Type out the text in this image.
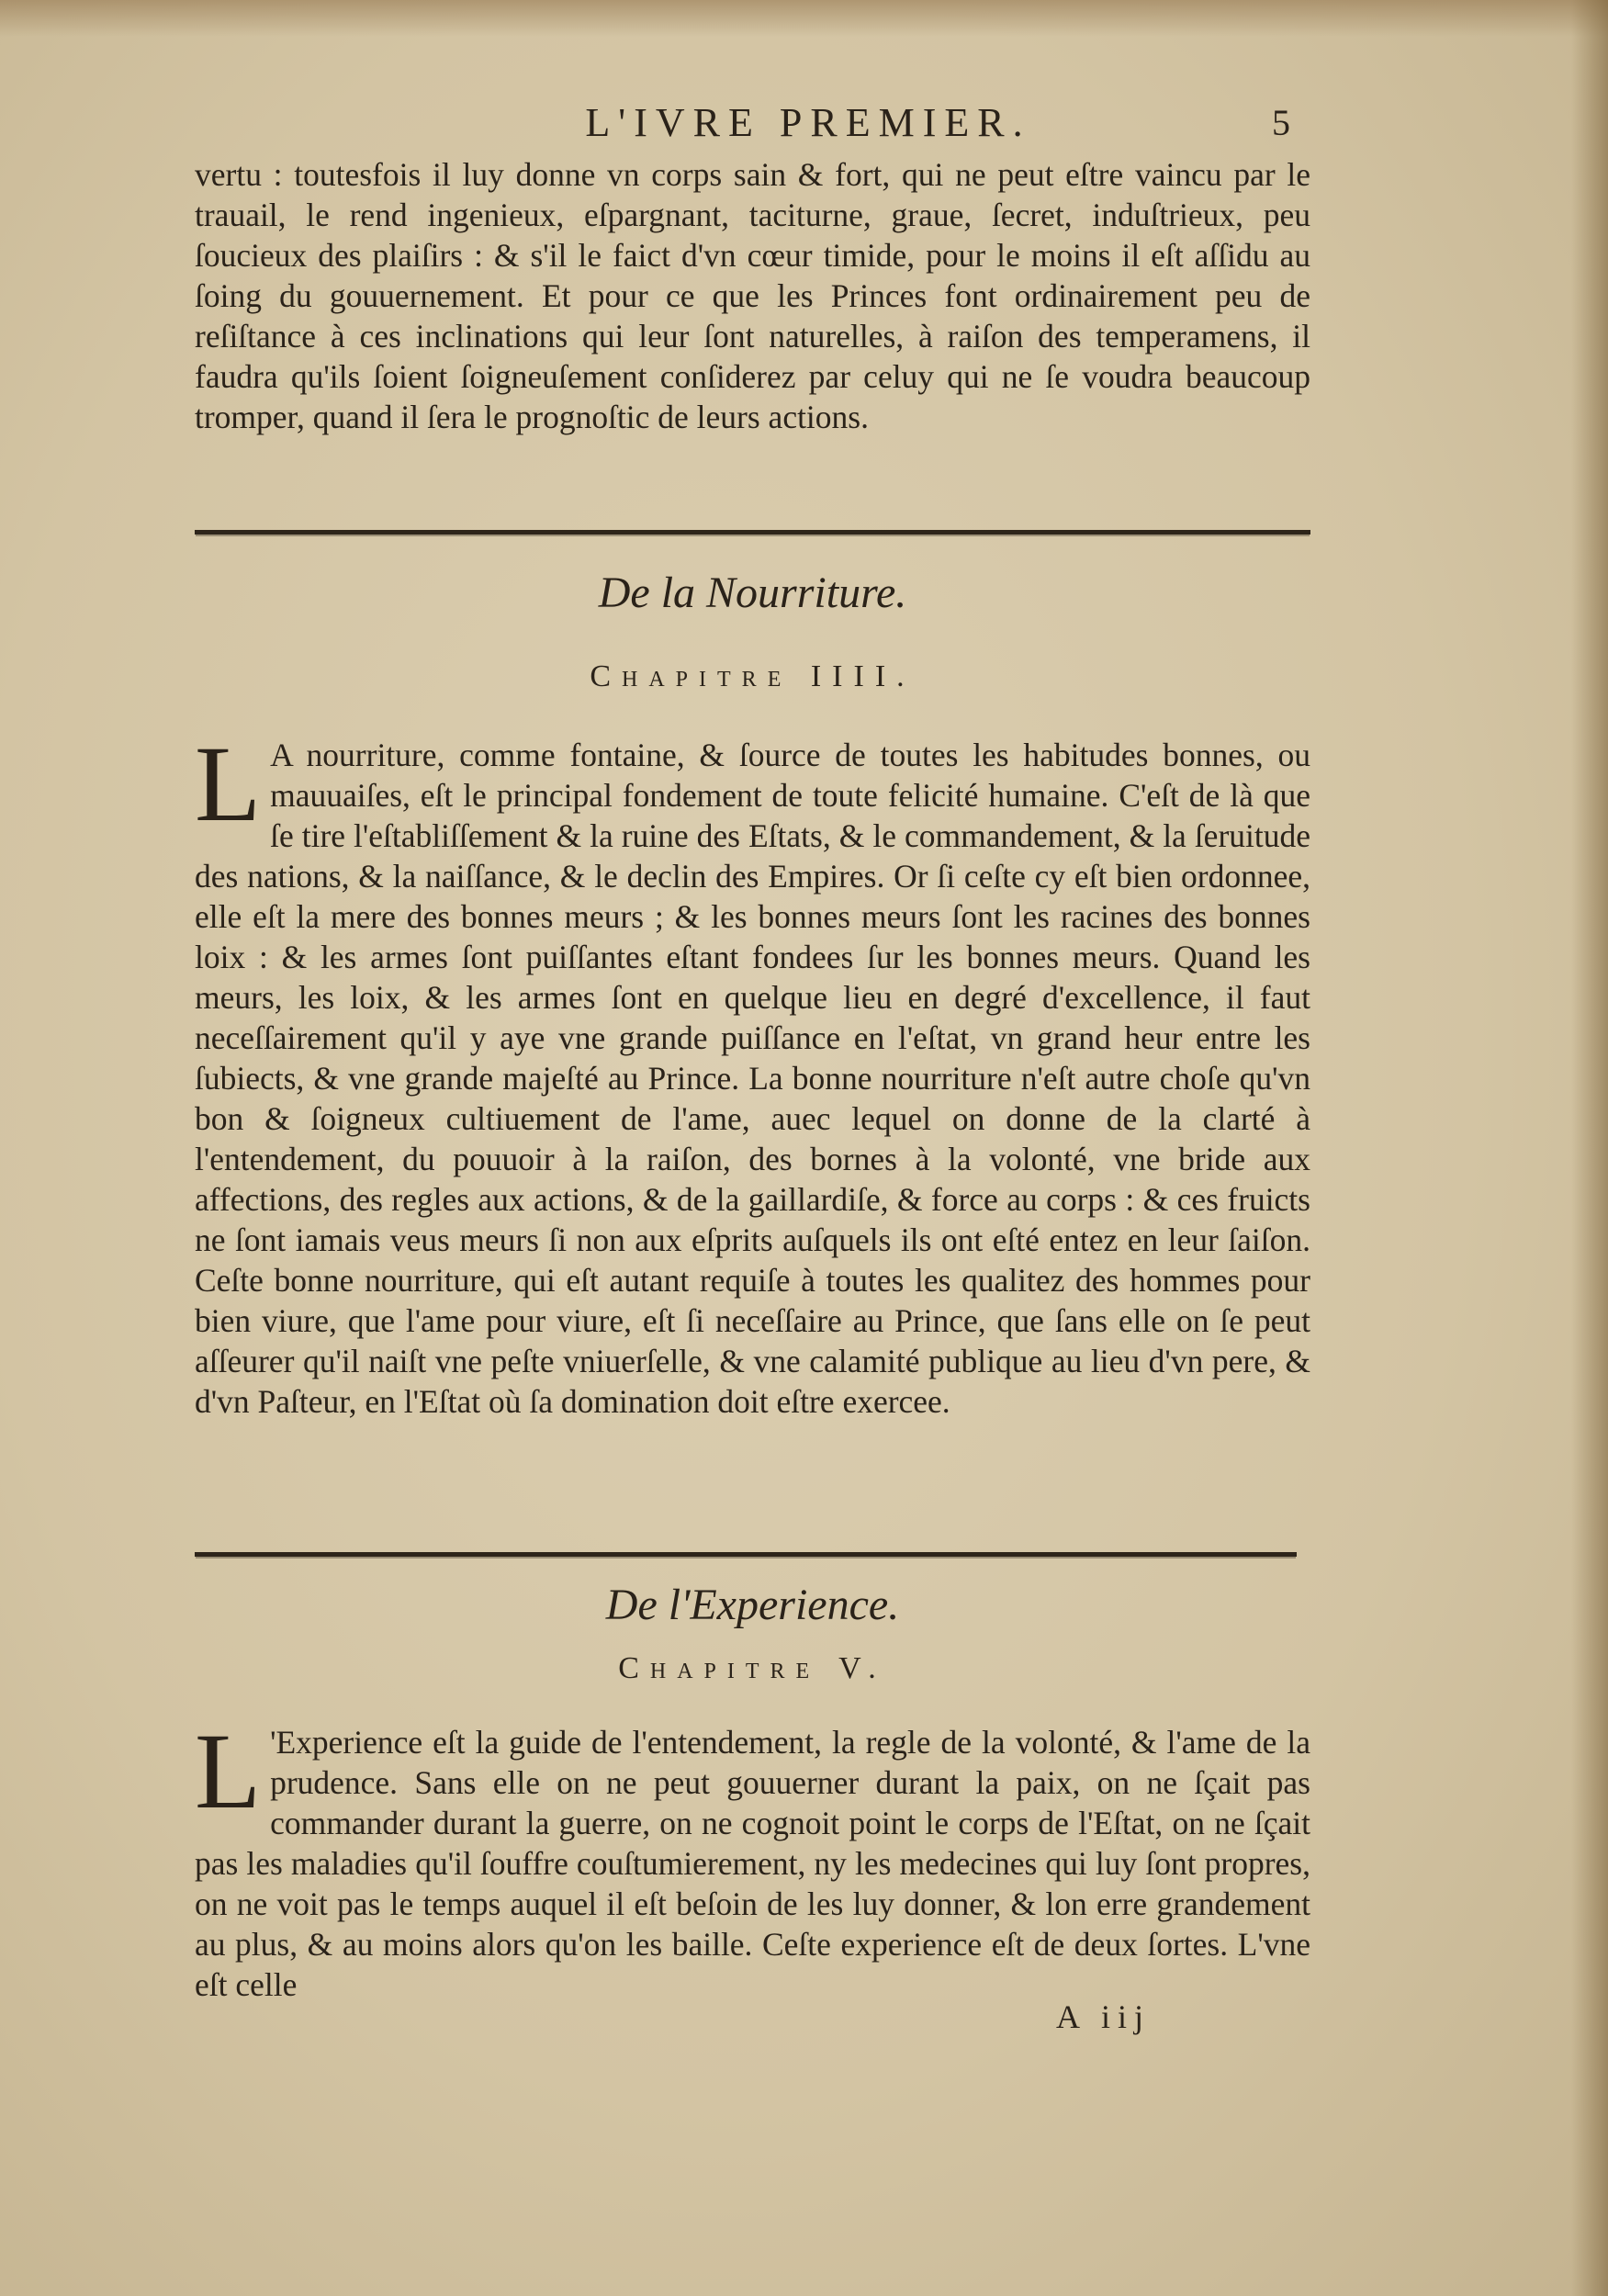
L'IVRE PREMIER.	5

vertu : toutesfois il luy donne vn corps sain & fort, qui ne peut eſtre vaincu par le trauail, le rend ingenieux, eſpargnant, taciturne, graue, ſecret, induſtrieux, peu ſoucieux des plaiſirs : & s'il le faict d'vn cœur timide, pour le moins il eſt aſſidu au ſoing du gouuernement. Et pour ce que les Princes font ordinairement peu de reſiſtance à ces inclinations qui leur ſont naturelles, à raiſon des temperamens, il faudra qu'ils ſoient ſoigneuſement conſiderez par celuy qui ne ſe voudra beaucoup tromper, quand il ſera le prognoſtic de leurs actions.

De la Nourriture.
Chapitre IIII.
L A nourriture, comme fontaine, & ſource de toutes les habitudes bonnes, ou mauuaiſes, eſt le principal fondement de toute felicité humaine. C'eſt de là que ſe tire l'eſtabliſſement & la ruine des Eſtats, & le commandement, & la ſeruitude des nations, & la naiſſance, & le declin des Empires. Or ſi ceſte cy eſt bien ordonnee, elle eſt la mere des bonnes meurs ; & les bonnes meurs ſont les racines des bonnes loix : & les armes ſont puiſſantes eſtant fondees ſur les bonnes meurs. Quand les meurs, les loix, & les armes ſont en quelque lieu en degré d'excellence, il faut neceſſairement qu'il y aye vne grande puiſſance en l'eſtat, vn grand heur entre les ſubiects, & vne grande majeſté au Prince. La bonne nourriture n'eſt autre choſe qu'vn bon & ſoigneux cultiuement de l'ame, auec lequel on donne de la clarté à l'entendement, du pouuoir à la raiſon, des bornes à la volonté, vne bride aux affections, des regles aux actions, & de la gaillardiſe, & force au corps : & ces fruicts ne ſont iamais veus meurs ſi non aux eſprits auſquels ils ont eſté entez en leur ſaiſon. Ceſte bonne nourriture, qui eſt autant requiſe à toutes les qualitez des hommes pour bien viure, que l'ame pour viure, eſt ſi neceſſaire au Prince, que ſans elle on ſe peut aſſeurer qu'il naiſt vne peſte vniuerſelle, & vne calamité publique au lieu d'vn pere, & d'vn Paſteur, en l'Eſtat où ſa domination doit eſtre exercee.

De l'Experience.
Chapitre V.
L 'Experience eſt la guide de l'entendement, la regle de la volonté, & l'ame de la prudence. Sans elle on ne peut gouuerner durant la paix, on ne ſçait pas commander durant la guerre, on ne cognoit point le corps de l'Eſtat, on ne ſçait pas les maladies qu'il ſouffre couſtumierement, ny les medecines qui luy ſont propres, on ne voit pas le temps auquel il eſt beſoin de les luy donner, & lon erre grandement au plus, & au moins alors qu'on les baille. Ceſte experience eſt de deux ſortes. L'vne eſt celle

A iij
